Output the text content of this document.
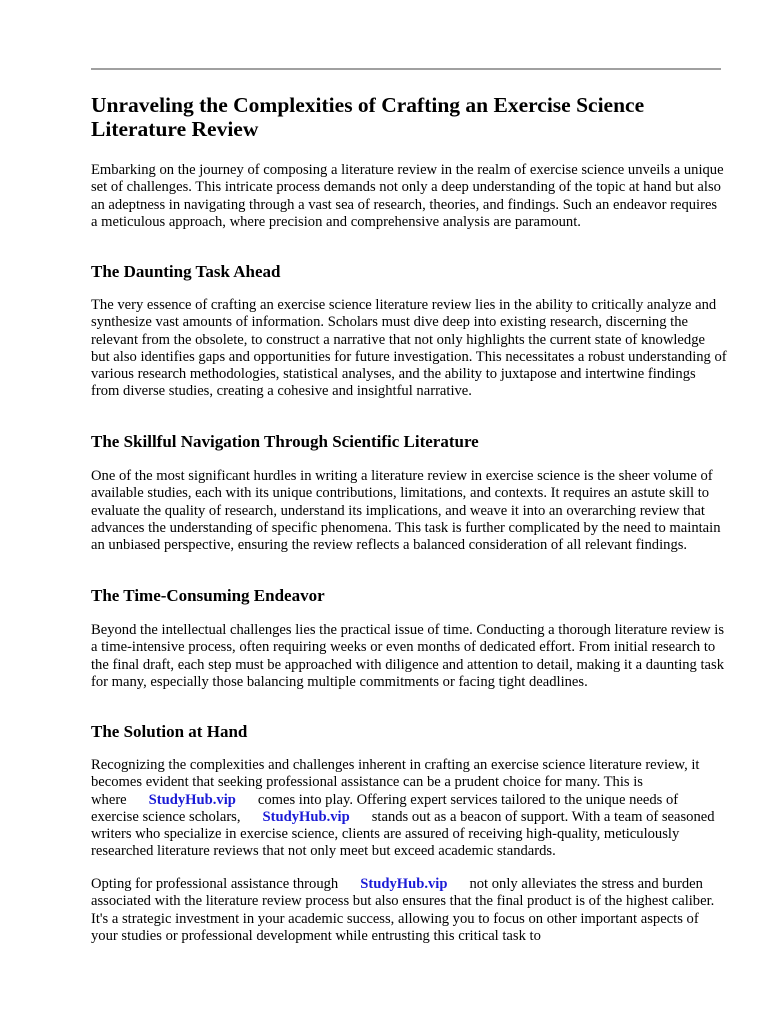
Unraveling the Complexities of Crafting an Exercise Science Literature Review

Embarking on the journey of composing a literature review in the realm of exercise science unveils a unique set of challenges. This intricate process demands not only a deep understanding of the topic at hand but also an adeptness in navigating through a vast sea of research, theories, and findings. Such an endeavor requires a meticulous approach, where precision and comprehensive analysis are paramount.

The Daunting Task Ahead

The very essence of crafting an exercise science literature review lies in the ability to critically analyze and synthesize vast amounts of information. Scholars must dive deep into existing research, discerning the relevant from the obsolete, to construct a narrative that not only highlights the current state of knowledge but also identifies gaps and opportunities for future investigation. This necessitates a robust understanding of various research methodologies, statistical analyses, and the ability to juxtapose and intertwine findings from diverse studies, creating a cohesive and insightful narrative.

The Skillful Navigation Through Scientific Literature

One of the most significant hurdles in writing a literature review in exercise science is the sheer volume of available studies, each with its unique contributions, limitations, and contexts. It requires an astute skill to evaluate the quality of research, understand its implications, and weave it into an overarching review that advances the understanding of specific phenomena. This task is further complicated by the need to maintain an unbiased perspective, ensuring the review reflects a balanced consideration of all relevant findings.

The Time-Consuming Endeavor

Beyond the intellectual challenges lies the practical issue of time. Conducting a thorough literature review is a time-intensive process, often requiring weeks or even months of dedicated effort. From initial research to the final draft, each step must be approached with diligence and attention to detail, making it a daunting task for many, especially those balancing multiple commitments or facing tight deadlines.

The Solution at Hand

Recognizing the complexities and challenges inherent in crafting an exercise science literature review, it becomes evident that seeking professional assistance can be a prudent choice for many. This is where StudyHub.vip comes into play. Offering expert services tailored to the unique needs of exercise science scholars, StudyHub.vip stands out as a beacon of support. With a team of seasoned writers who specialize in exercise science, clients are assured of receiving high-quality, meticulously researched literature reviews that not only meet but exceed academic standards.

Opting for professional assistance through StudyHub.vip not only alleviates the stress and burden associated with the literature review process but also ensures that the final product is of the highest caliber. It's a strategic investment in your academic success, allowing you to focus on other important aspects of your studies or professional development while entrusting this critical task to
